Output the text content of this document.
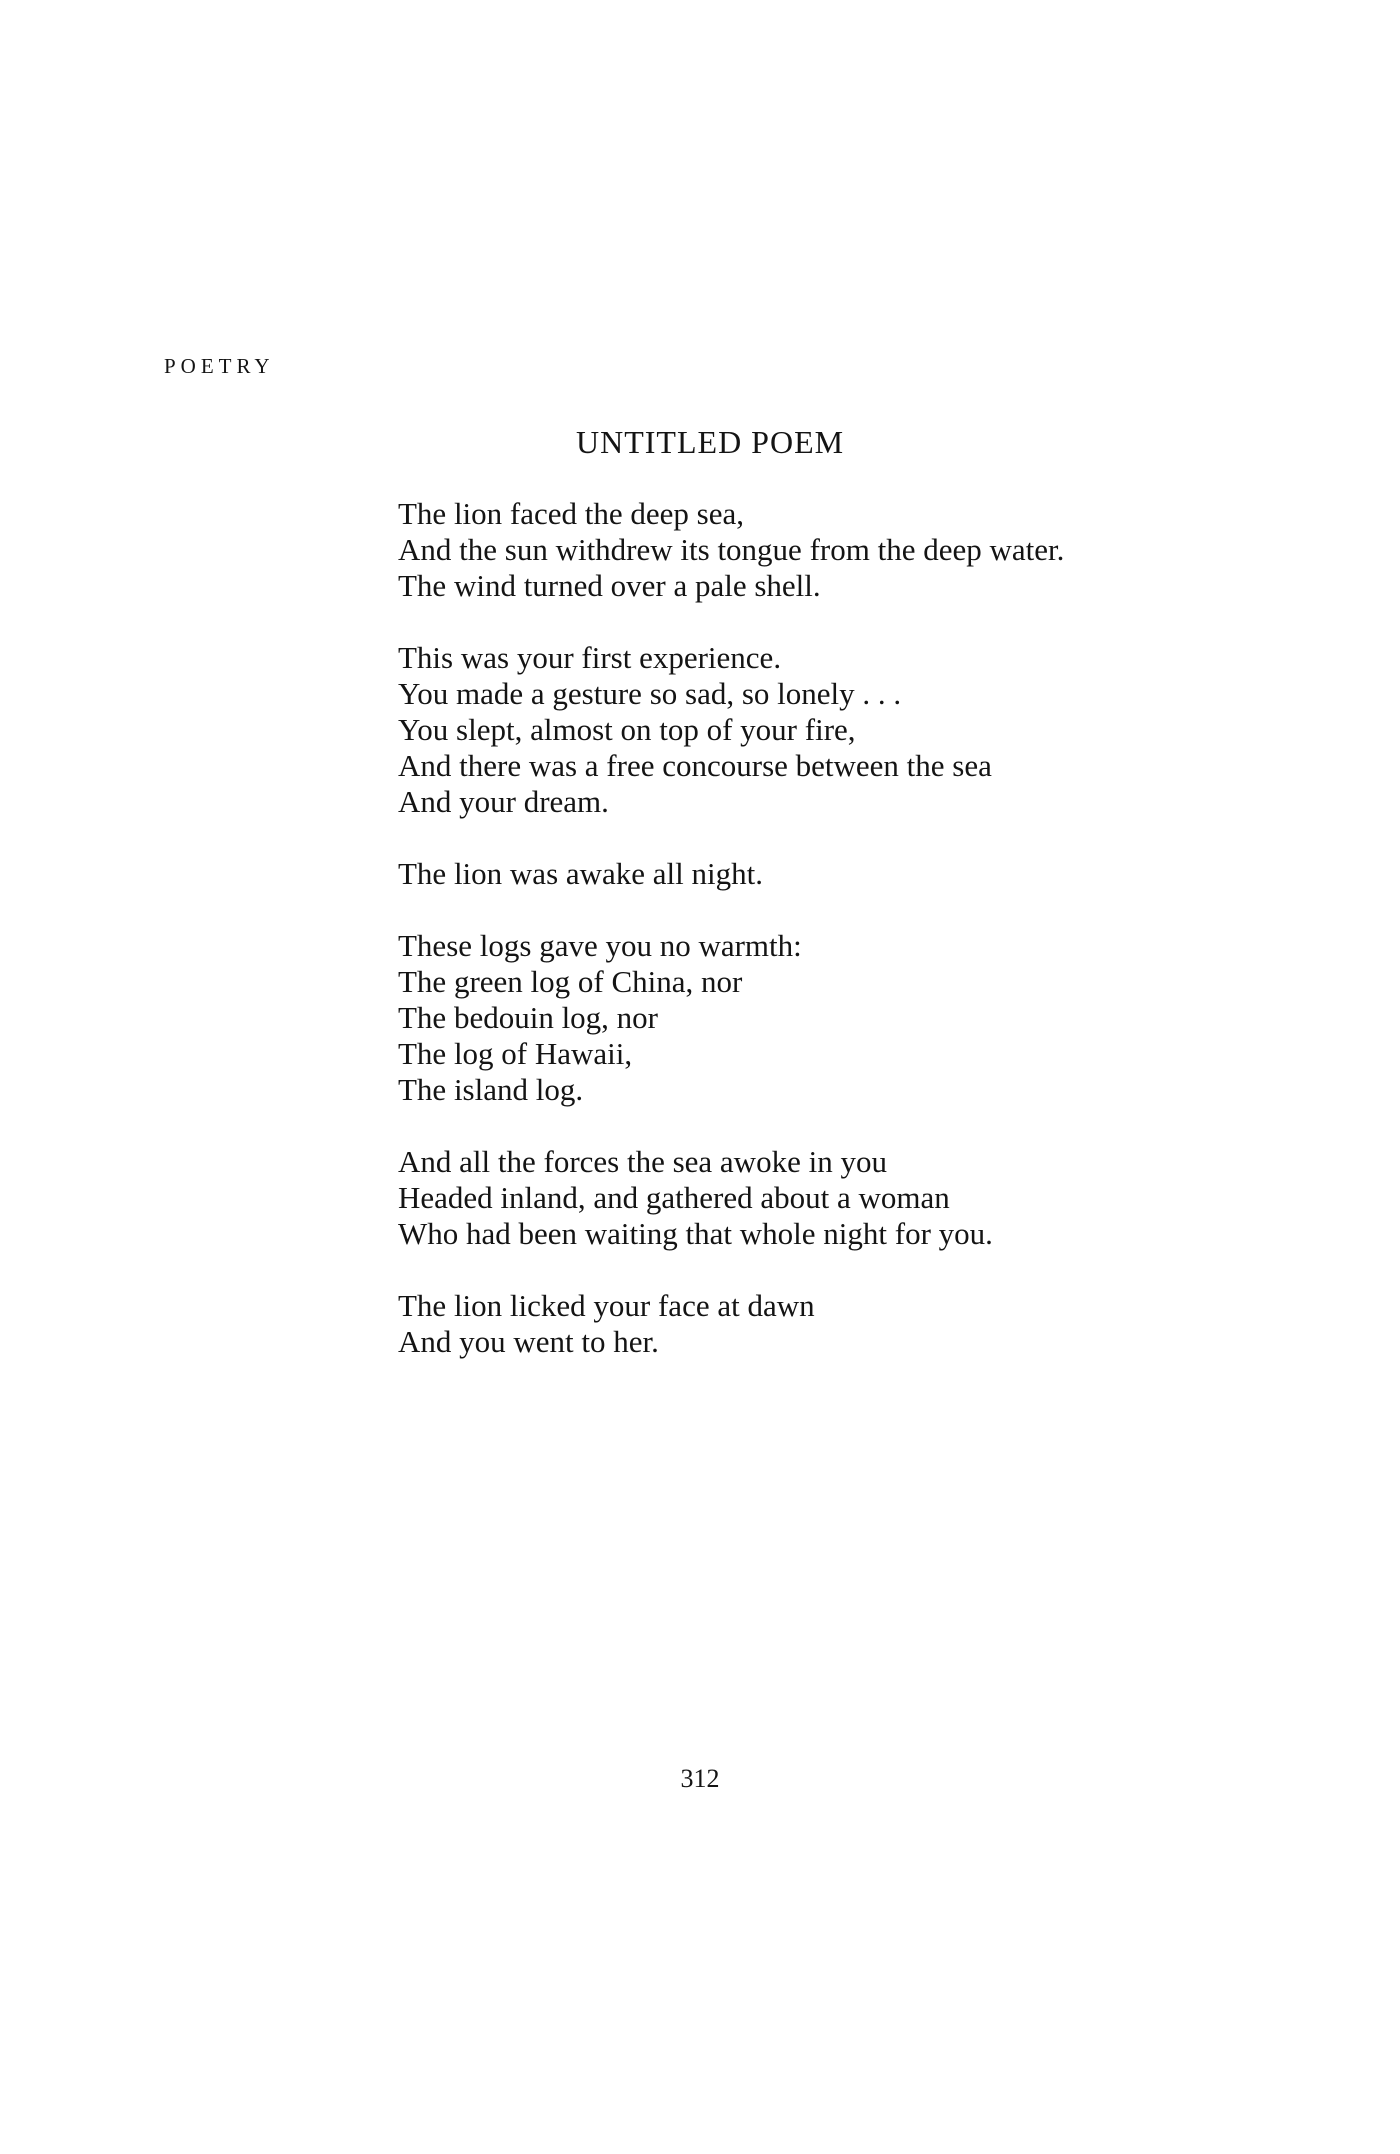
POETRY
UNTITLED POEM
The lion faced the deep sea,
And the sun withdrew its tongue from the deep water.
The wind turned over a pale shell.
This was your first experience.
You made a gesture so sad, so lonely . . .
You slept, almost on top of your fire,
And there was a free concourse between the sea
And your dream.
The lion was awake all night.
These logs gave you no warmth:
The green log of China, nor
The bedouin log, nor
The log of Hawaii,
The island log.
And all the forces the sea awoke in you
Headed inland, and gathered about a woman
Who had been waiting that whole night for you.
The lion licked your face at dawn
And you went to her.
312
